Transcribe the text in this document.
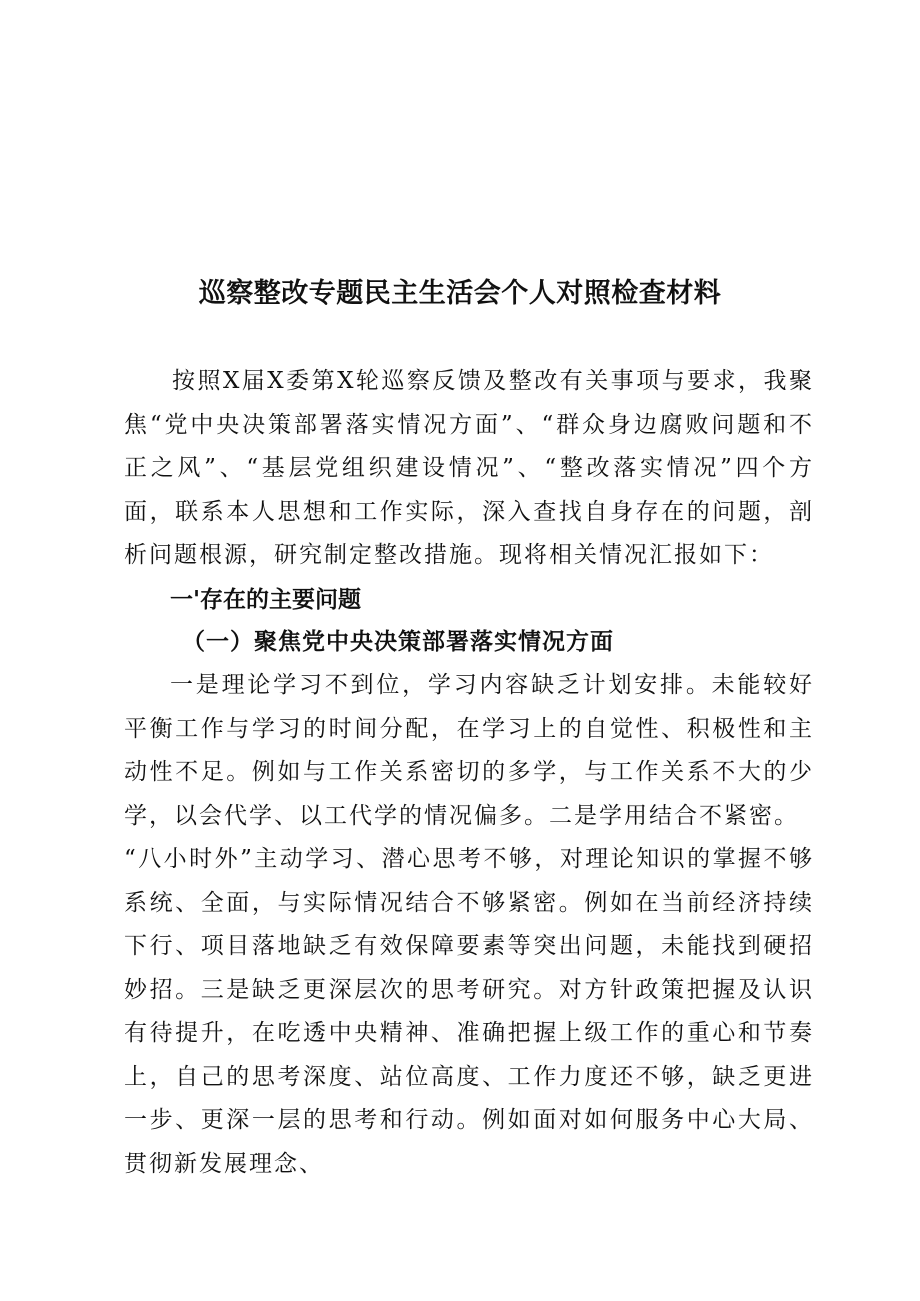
巡察整改专题民主生活会个人对照检查材料

按照X届X委第X轮巡察反馈及整改有关事项与要求，我聚焦“党中央决策部署落实情况方面”、“群众身边腐败问题和不正之风”、“基层党组织建设情况”、“整改落实情况”四个方面，联系本人思想和工作实际，深入查找自身存在的问题，剖析问题根源，研究制定整改措施。现将相关情况汇报如下：

一'存在的主要问题
（一）聚焦党中央决策部署落实情况方面

一是理论学习不到位，学习内容缺乏计划安排。未能较好平衡工作与学习的时间分配，在学习上的自觉性、积极性和主动性不足。例如与工作关系密切的多学，与工作关系不大的少学，以会代学、以工代学的情况偏多。二是学用结合不紧密。

“八小时外”主动学习、潜心思考不够，对理论知识的掌握不够系统、全面，与实际情况结合不够紧密。例如在当前经济持续下行、项目落地缺乏有效保障要素等突出问题，未能找到硬招妙招。三是缺乏更深层次的思考研究。对方针政策把握及认识有待提升，在吃透中央精神、准确把握上级工作的重心和节奏上，自己的思考深度、站位高度、工作力度还不够，缺乏更进一步、更深一层的思考和行动。例如面对如何服务中心大局、贯彻新发展理念、
